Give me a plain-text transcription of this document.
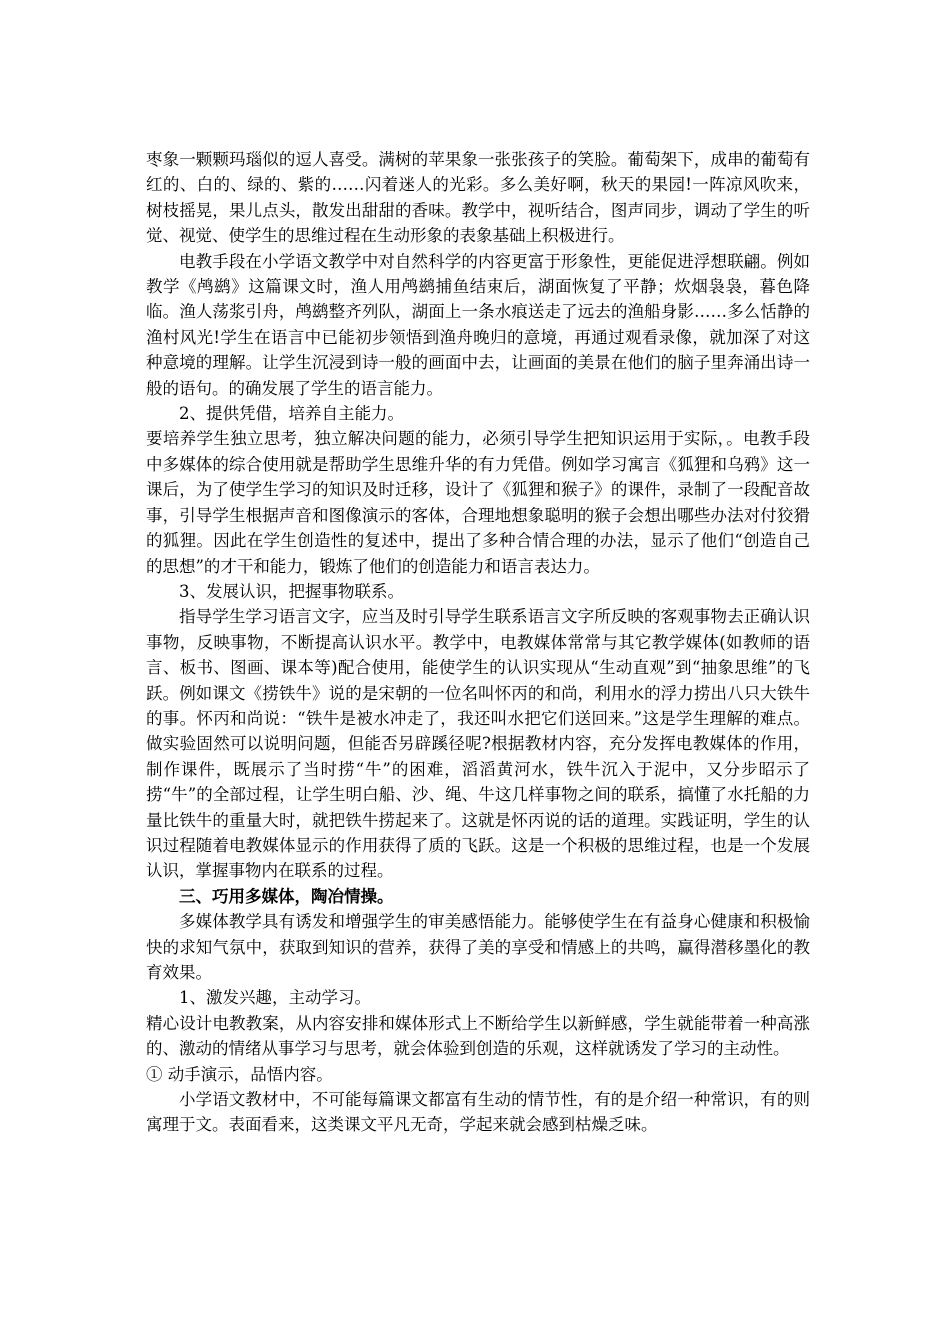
枣象一颗颗玛瑙似的逗人喜受。满树的苹果象一张张孩子的笑脸。葡萄架下，成串的葡萄有红的、白的、绿的、紫的……闪着迷人的光彩。多么美好啊，秋天的果园!一阵凉风吹来，树枝摇晃，果儿点头，散发出甜甜的香味。教学中，视听结合，图声同步，调动了学生的听觉、视觉、使学生的思维过程在生动形象的表象基础上积极进行。

电教手段在小学语文教学中对自然科学的内容更富于形象性，更能促进浮想联翩。例如教学《鸬鹚》这篇课文时，渔人用鸬鹚捕鱼结束后，湖面恢复了平静；炊烟袅袅，暮色降临。渔人荡浆引舟，鸬鹚整齐列队，湖面上一条水痕送走了远去的渔船身影……多么恬静的渔村风光!学生在语言中已能初步领悟到渔舟晚归的意境，再通过观看录像，就加深了对这种意境的理解。让学生沉浸到诗一般的画面中去，让画面的美景在他们的脑子里奔涌出诗一般的语句。的确发展了学生的语言能力。

2、提供凭借，培养自主能力。

要培养学生独立思考，独立解决问题的能力，必须引导学生把知识运用于实际，。电教手段中多媒体的综合使用就是帮助学生思维升华的有力凭借。例如学习寓言《狐狸和乌鸦》这一课后，为了使学生学习的知识及时迁移，设计了《狐狸和猴子》的课件，录制了一段配音故事，引导学生根据声音和图像演示的客体，合理地想象聪明的猴子会想出哪些办法对付狡猾的狐狸。因此在学生创造性的复述中，提出了多种合情合理的办法，显示了他们“创造自己的思想”的才干和能力，锻炼了他们的创造能力和语言表达力。

3、发展认识，把握事物联系。

指导学生学习语言文字，应当及时引导学生联系语言文字所反映的客观事物去正确认识事物，反映事物，不断提高认识水平。教学中，电教媒体常常与其它教学媒体(如教师的语言、板书、图画、课本等)配合使用，能使学生的认识实现从“生动直观”到“抽象思维”的飞跃。例如课文《捞铁牛》说的是宋朝的一位名叫怀丙的和尚，利用水的浮力捞出八只大铁牛的事。怀丙和尚说：“铁牛是被水冲走了，我还叫水把它们送回来。”这是学生理解的难点。做实验固然可以说明问题，但能否另辟蹊径呢?根据教材内容，充分发挥电教媒体的作用，制作课件，既展示了当时捞“牛”的困难，滔滔黄河水，铁牛沉入于泥中，又分步昭示了捞“牛”的全部过程，让学生明白船、沙、绳、牛这几样事物之间的联系，搞懂了水托船的力量比铁牛的重量大时，就把铁牛捞起来了。这就是怀丙说的话的道理。实践证明，学生的认识过程随着电教媒体显示的作用获得了质的飞跃。这是一个积极的思维过程，也是一个发展认识，掌握事物内在联系的过程。

三、巧用多媒体，陶冶情操。

多媒体教学具有诱发和增强学生的审美感悟能力。能够使学生在有益身心健康和积极愉快的求知气氛中，获取到知识的营养，获得了美的享受和情感上的共鸣，赢得潜移墨化的教育效果。

1、激发兴趣，主动学习。

精心设计电教教案，从内容安排和媒体形式上不断给学生以新鲜感，学生就能带着一种高涨的、激动的情绪从事学习与思考，就会体验到创造的乐观，这样就诱发了学习的主动性。

① 动手演示，品悟内容。

小学语文教材中，不可能每篇课文都富有生动的情节性，有的是介绍一种常识，有的则寓理于文。表面看来，这类课文平凡无奇，学起来就会感到枯燥乏味。
